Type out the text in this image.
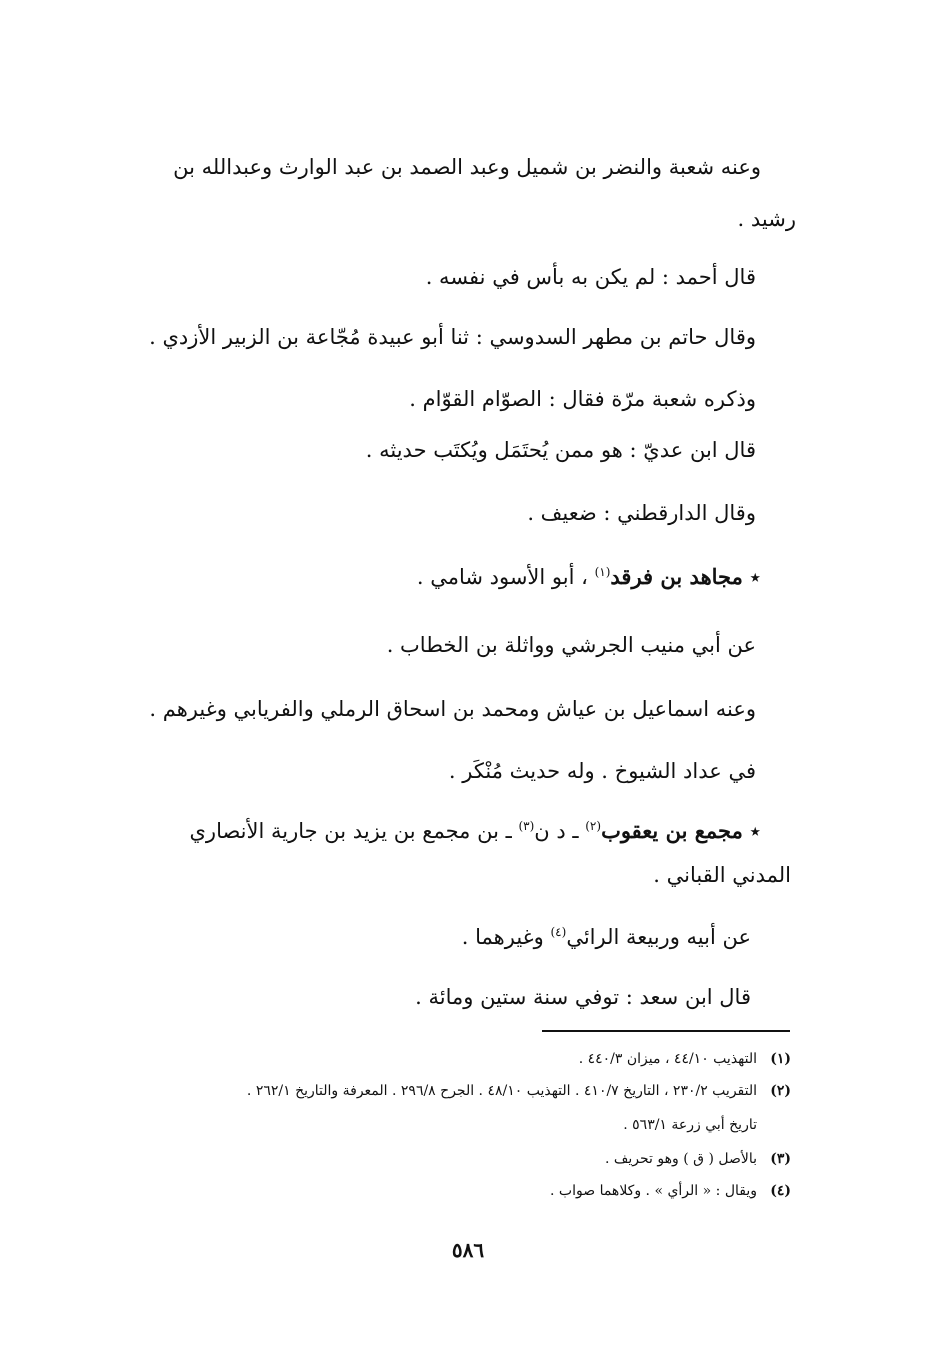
وعنه شعبة والنضر بن شميل وعبد الصمد بن عبد الوارث وعبدالله بن
رشيد .
قال أحمد : لم يكن به بأس في نفسه .
وقال حاتم بن مطهر السدوسي : ثنا أبو عبيدة مُجّاعة بن الزبير الأزدي .
وذكره شعبة مرّة فقال : الصوّام القوّام .
قال ابن عديّ : هو ممن يُحتَمَل ويُكتَب حديثه .
وقال الدارقطني : ضعيف .
٭ مجاهد بن فرقد$^{(١)}$ ، أبو الأسود شامي .
عن أبي منيب الجرشي وواثلة بن الخطاب .
وعنه اسماعيل بن عياش ومحمد بن اسحاق الرملي والفريابي وغيرهم .
في عداد الشيوخ . وله حديث مُنْكَر .
٭ مجمع بن يعقوب$^{(٢)}$ ـ د ن$^{(٣)}$ ـ بن مجمع بن يزيد بن جارية الأنصاري
المدني القباني .
عن أبيه وربيعة الرائي$^{(٤)}$ وغيرهما .
قال ابن سعد : توفي سنة ستين ومائة .
(١)التهذيب ٤٤/١٠ ، ميزان ٤٤٠/٣ .
(٢)التقريب ٢٣٠/٢ ، التاريخ ٤١٠/٧ . التهذيب ٤٨/١٠ . الجرح ٢٩٦/٨ . المعرفة والتاريخ ٢٦٢/١ .
تاريخ أبي زرعة ٥٦٣/١ .
(٣)بالأصل ( ق ) وهو تحريف .
(٤)ويقال : « الرأي » . وكلاهما صواب .
٥٨٦
